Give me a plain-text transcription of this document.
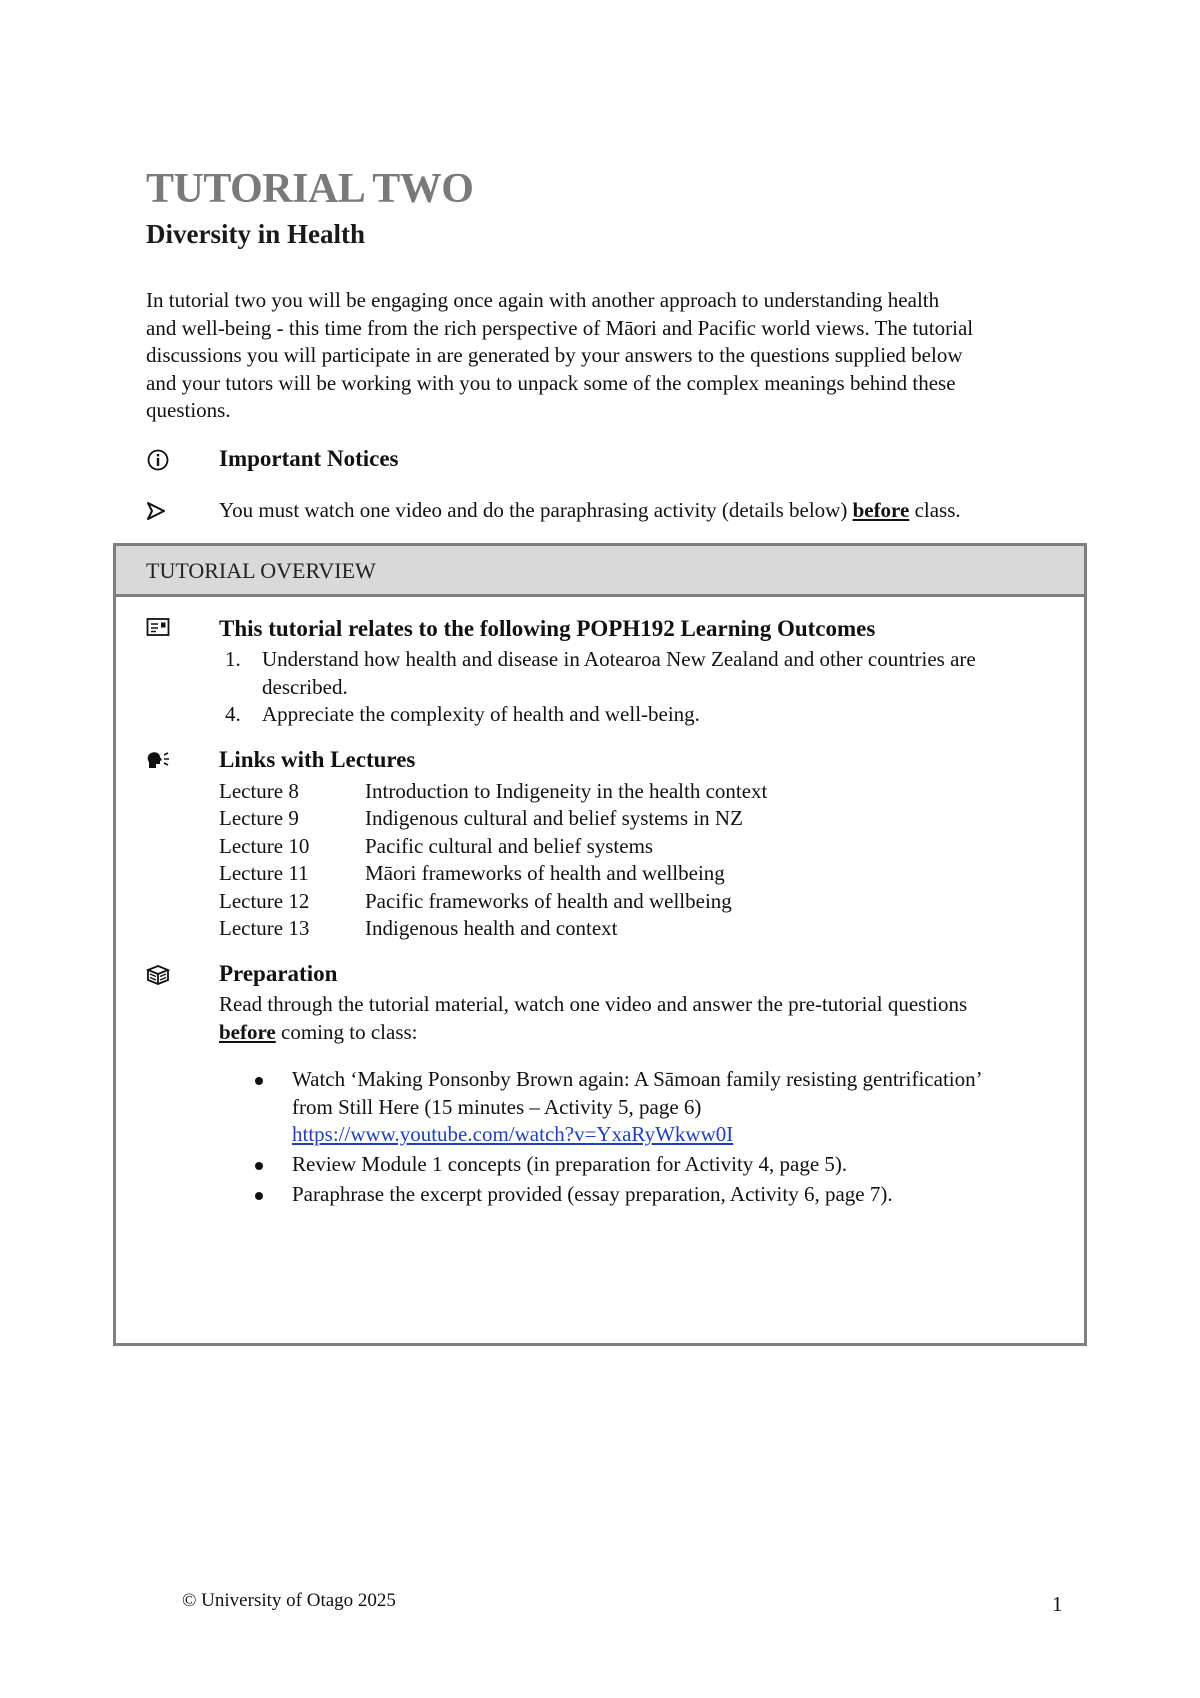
TUTORIAL TWO
Diversity in Health
In tutorial two you will be engaging once again with another approach to understanding health
and well-being - this time from the rich perspective of Māori and Pacific world views. The tutorial
discussions you will participate in are generated by your answers to the questions supplied below
and your tutors will be working with you to unpack some of the complex meanings behind these
questions.
Important Notices
You must watch one video and do the paraphrasing activity (details below) before class.
TUTORIAL OVERVIEW
This tutorial relates to the following POPH192 Learning Outcomes
1. Understand how health and disease in Aotearoa New Zealand and other countries are
described.
4. Appreciate the complexity of health and well-being.
Links with Lectures
Lecture 8	Introduction to Indigeneity in the health context
Lecture 9	Indigenous cultural and belief systems in NZ
Lecture 10	Pacific cultural and belief systems
Lecture 11	Māori frameworks of health and wellbeing
Lecture 12	Pacific frameworks of health and wellbeing
Lecture 13	Indigenous health and context
Preparation
Read through the tutorial material, watch one video and answer the pre-tutorial questions
before coming to class:
Watch ‘Making Ponsonby Brown again: A Sāmoan family resisting gentrification’
from Still Here (15 minutes – Activity 5, page 6)
https://www.youtube.com/watch?v=YxaRyWkww0I
Review Module 1 concepts (in preparation for Activity 4, page 5).
Paraphrase the excerpt provided (essay preparation, Activity 6, page 7).
© University of Otago 2025	1
